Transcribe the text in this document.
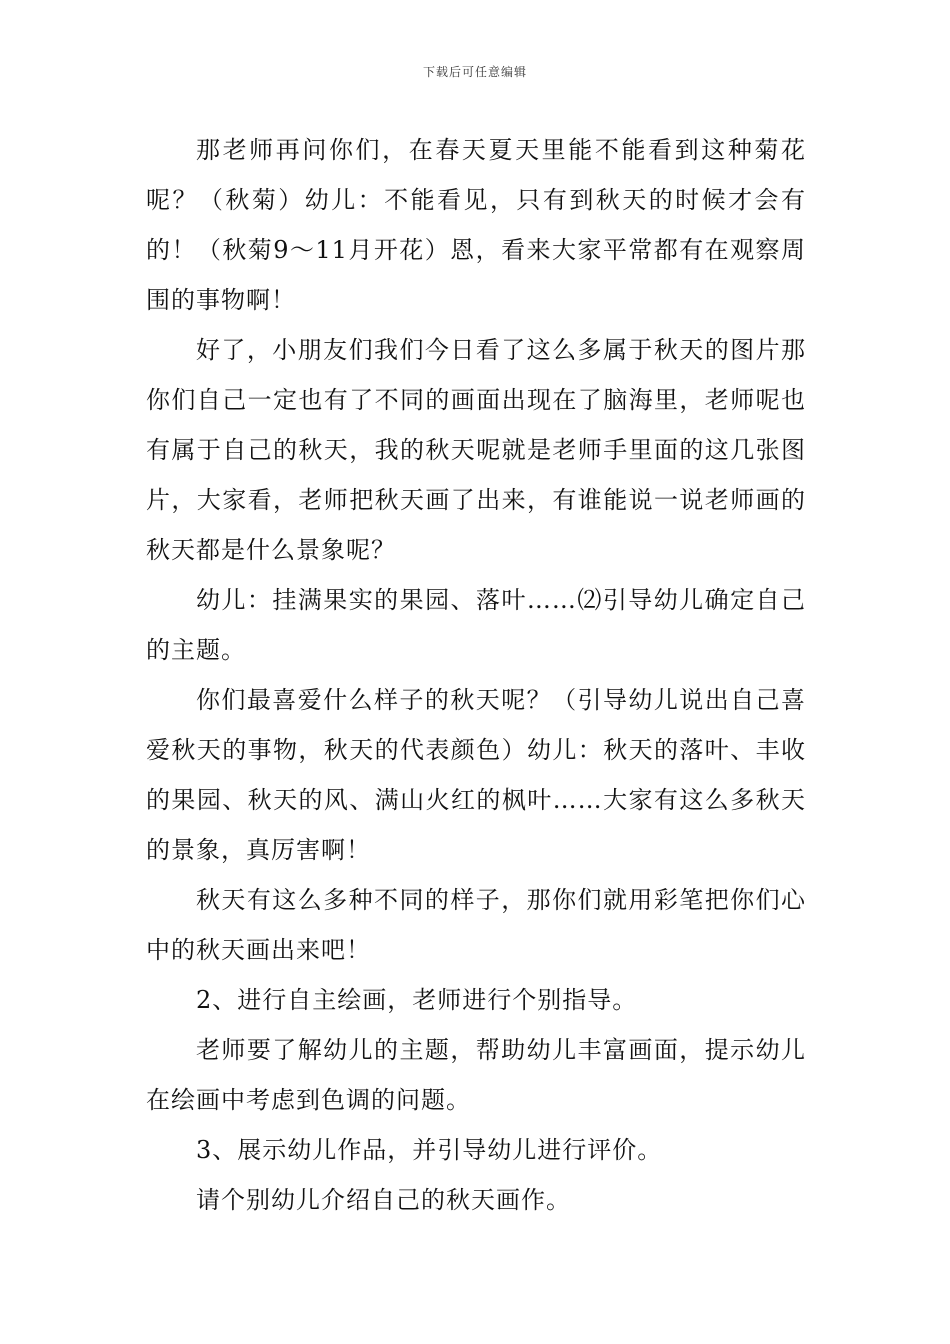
下载后可任意编辑

那老师再问你们，在春天夏天里能不能看到这种菊花呢？（秋菊）幼儿：不能看见，只有到秋天的时候才会有的！（秋菊9～11月开花）恩，看来大家平常都有在观察周围的事物啊！

好了，小朋友们我们今日看了这么多属于秋天的图片那你们自己一定也有了不同的画面出现在了脑海里，老师呢也有属于自己的秋天，我的秋天呢就是老师手里面的这几张图片，大家看，老师把秋天画了出来，有谁能说一说老师画的秋天都是什么景象呢？

幼儿：挂满果实的果园、落叶……⑵引导幼儿确定自己的主题。

你们最喜爱什么样子的秋天呢？（引导幼儿说出自己喜爱秋天的事物，秋天的代表颜色）幼儿：秋天的落叶、丰收的果园、秋天的风、满山火红的枫叶……大家有这么多秋天的景象，真厉害啊！

秋天有这么多种不同的样子，那你们就用彩笔把你们心中的秋天画出来吧！

2、进行自主绘画，老师进行个别指导。

老师要了解幼儿的主题，帮助幼儿丰富画面，提示幼儿在绘画中考虑到色调的问题。

3、展示幼儿作品，并引导幼儿进行评价。

请个别幼儿介绍自己的秋天画作。
